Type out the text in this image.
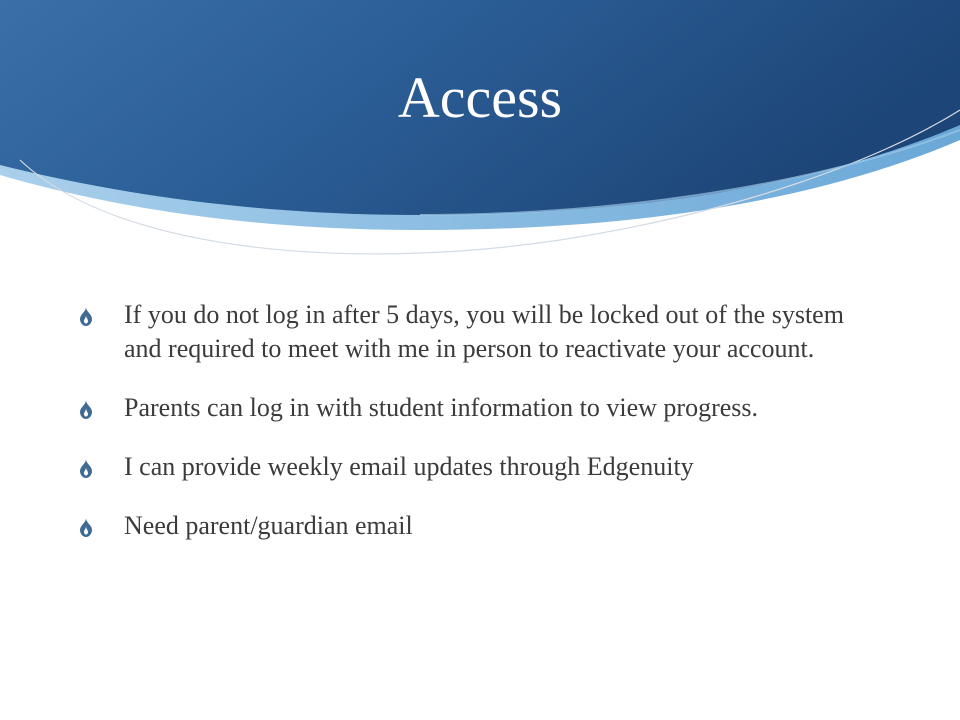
Access
If you do not log in after 5 days, you will be locked out of the system and required to meet with me in person to reactivate your account.
Parents can log in with student information to view progress.
I can provide weekly email updates through Edgenuity
Need parent/guardian email
